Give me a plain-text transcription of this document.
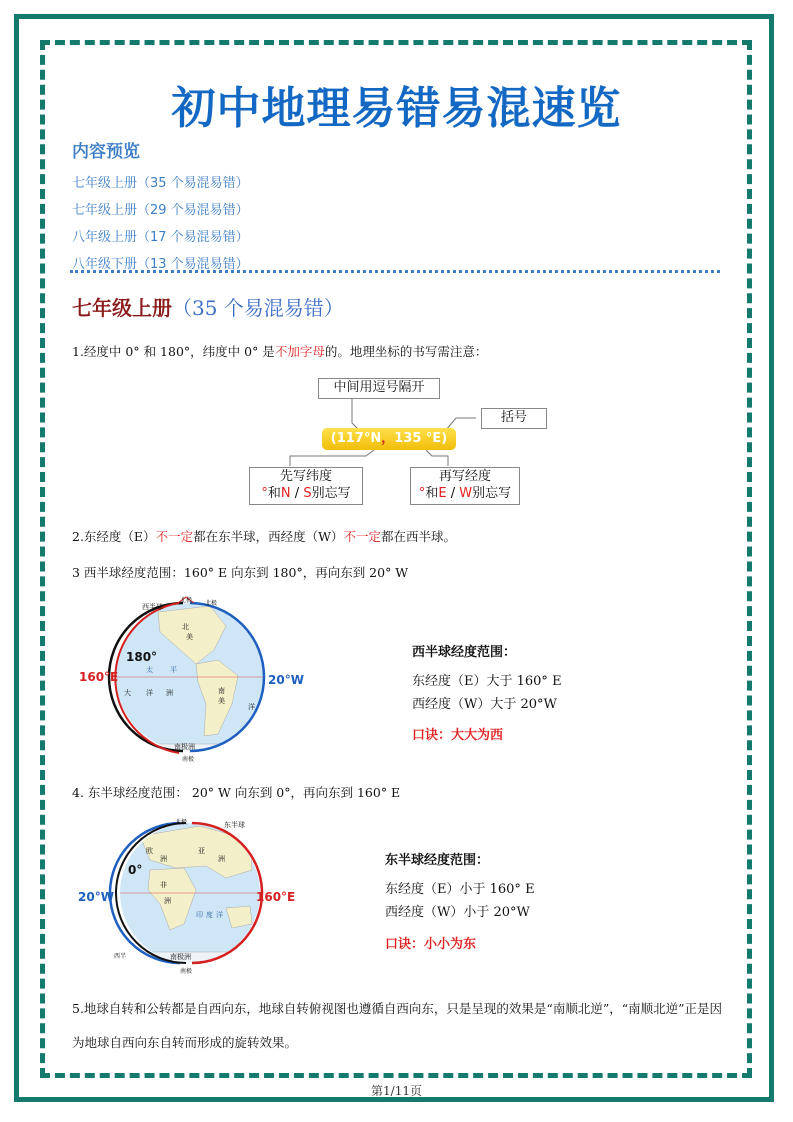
初中地理易错易混速览
内容预览
七年级上册（35 个易混易错）
七年级上册（29 个易混易错）
八年级上册（17 个易混易错）
八年级下册（13 个易混易错）
七年级上册（35 个易混易错）
1.经度中 0° 和 180°，纬度中 0° 是不加字母的。地理坐标的书写需注意：
中间用逗号隔开
括号
(117°N，135 °E)
先写纬度
°和N / S别忘写
再写经度
°和E / W别忘写
2.东经度（E）不一定都在东半球，西经度（W）不一定都在西半球。
3 西半球经度范围：160° E 向东到 180°，再向东到 20° W
160°E
180°
20°W
西半球
北极 北极
北
美
南
美
太 平
大 洋 洲
洋
南极洲
南极
西半球经度范围：
东经度（E）大于 160° E
西经度（W）大于 20°W
口诀：大大为西
4. 东半球经度范围： 20° W 向东到 0°，再向东到 160° E
20°W
0°
160°E
北极	东半球
欧
洲
亚
洲
非
洲
印 度 洋
南极洲
南极
西半
东半球经度范围：
东经度（E）小于 160° E
西经度（W）小于 20°W
口诀：小小为东
5.地球自转和公转都是自西向东，地球自转俯视图也遵循自西向东，只是呈现的效果是“南顺北逆”，“南顺北逆”正是因为地球自西向东自转而形成的旋转效果。
第1/11页
